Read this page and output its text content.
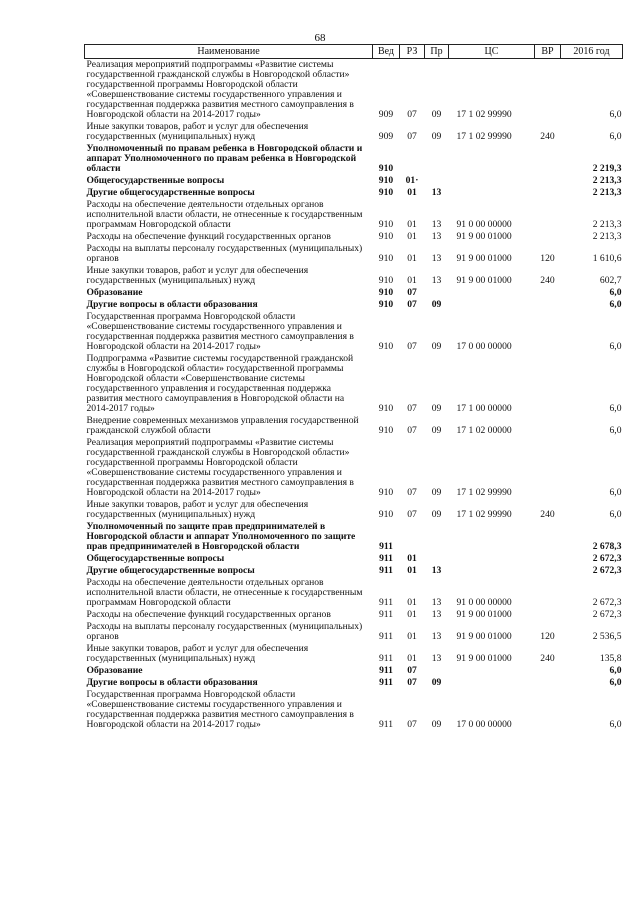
68
Наименование	Вед	РЗ	Пр	ЦС	ВР	2016 год
Реализация мероприятий подпрограммы «Развитие системы государственной гражданской службы в Новгородской области» государственной программы Новгородской области «Совершенствование системы государственного управления и государственная поддержка развития местного самоуправления в Новгородской области на 2014-2017 годы»	909	07	09	17 1 02 99990		6,0
Иные закупки товаров, работ и услуг для обеспечения государственных (муниципальных) нужд	909	07	09	17 1 02 99990	240	6,0
Уполномоченный по правам ребенка в Новгородской области и аппарат Уполномоченного по правам ребенка в Новгородской области	910					2 219,3
Общегосударственные вопросы	910	01·				2 213,3
Другие общегосударственные вопросы	910	01	13			2 213,3
Расходы на обеспечение деятельности отдельных органов исполнительной власти области, не отнесенные к государственным программам Новгородской области	910	01	13	91 0 00 00000		2 213,3
Расходы на обеспечение функций государственных органов	910	01	13	91 9 00 01000		2 213,3
Расходы на выплаты персоналу государственных (муниципальных) органов	910	01	13	91 9 00 01000	120	1 610,6
Иные закупки товаров, работ и услуг для обеспечения государственных (муниципальных) нужд	910	01	13	91 9 00 01000	240	602,7
Образование	910	07				6,0
Другие вопросы в области образования	910	07	09			6,0
Государственная программа Новгородской области «Совершенствование системы государственного управления и государственная поддержка развития местного самоуправления в Новгородской области на 2014-2017 годы»	910	07	09	17 0 00 00000		6,0
Подпрограмма «Развитие системы государственной гражданской службы в Новгородской области» государственной программы Новгородской области «Совершенствование системы государственного управления и государственная поддержка развития местного самоуправления в Новгородской области на 2014-2017 годы»	910	07	09	17 1 00 00000		6,0
Внедрение современных механизмов управления государственной гражданской службой области	910	07	09	17 1 02 00000		6,0
Реализация мероприятий подпрограммы «Развитие системы государственной гражданской службы в Новгородской области» государственной программы Новгородской области «Совершенствование системы государственного управления и государственная поддержка развития местного самоуправления в Новгородской области на 2014-2017 годы»	910	07	09	17 1 02 99990		6,0
Иные закупки товаров, работ и услуг для обеспечения государственных (муниципальных) нужд	910	07	09	17 1 02 99990	240	6,0
Уполномоченный по защите прав предпринимателей в Новгородской области и аппарат Уполномоченного по защите прав предпринимателей в Новгородской области	911					2 678,3
Общегосударственные вопросы	911	01				2 672,3
Другие общегосударственные вопросы	911	01	13			2 672,3
Расходы на обеспечение деятельности отдельных органов исполнительной власти области, не отнесенные к государственным программам Новгородской области	911	01	13	91 0 00 00000		2 672,3
Расходы на обеспечение функций государственных органов	911	01	13	91 9 00 01000		2 672,3
Расходы на выплаты персоналу государственных (муниципальных) органов	911	01	13	91 9 00 01000	120	2 536,5
Иные закупки товаров, работ и услуг для обеспечения государственных (муниципальных) нужд	911	01	13	91 9 00 01000	240	135,8
Образование	911	07				6,0
Другие вопросы в области образования	911	07	09			6,0
Государственная программа Новгородской области «Совершенствование системы государственного управления и государственная поддержка развития местного самоуправления в Новгородской области на 2014-2017 годы»	911	07	09	17 0 00 00000		6,0
